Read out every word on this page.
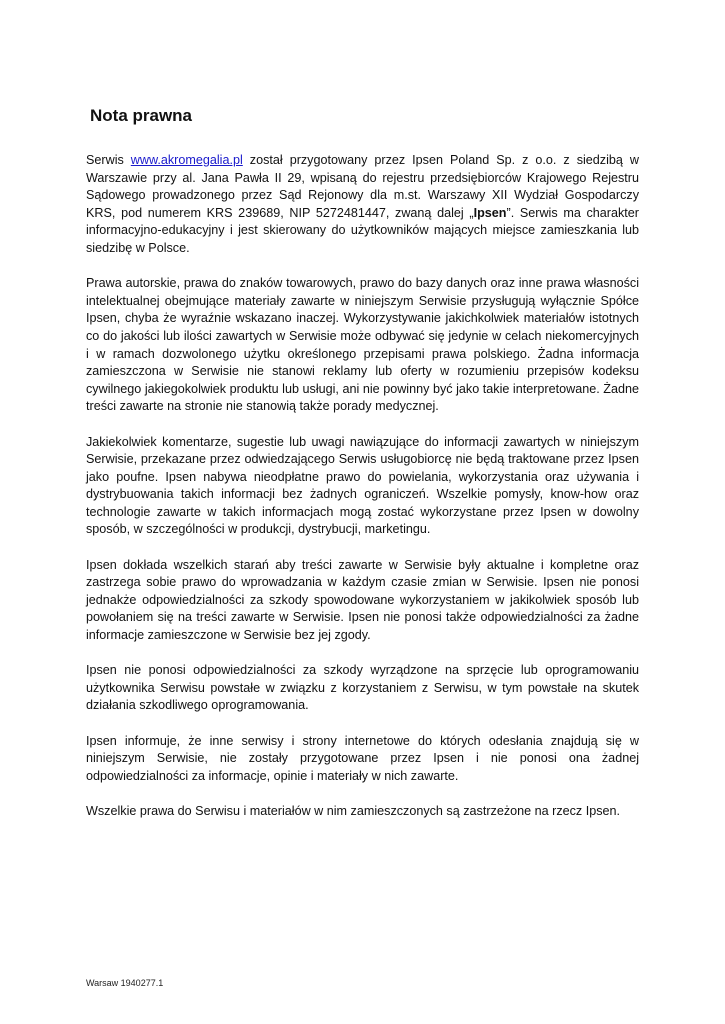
Nota prawna

Serwis www.akromegalia.pl został przygotowany przez Ipsen Poland Sp. z o.o. z siedzibą w Warszawie przy al. Jana Pawła II 29, wpisaną do rejestru przedsiębiorców Krajowego Rejestru Sądowego prowadzonego przez Sąd Rejonowy dla m.st. Warszawy XII Wydział Gospodarczy KRS, pod numerem KRS 239689, NIP 5272481447, zwaną dalej „Ipsen”. Serwis ma charakter informacyjno-edukacyjny i jest skierowany do użytkowników mających miejsce zamieszkania lub siedzibę w Polsce.

Prawa autorskie, prawa do znaków towarowych, prawo do bazy danych oraz inne prawa własności intelektualnej obejmujące materiały zawarte w niniejszym Serwisie przysługują wyłącznie Spółce Ipsen, chyba że wyraźnie wskazano inaczej. Wykorzystywanie jakichkolwiek materiałów istotnych co do jakości lub ilości zawartych w Serwisie może odbywać się jedynie w celach niekomercyjnych i w ramach dozwolonego użytku określonego przepisami prawa polskiego. Żadna informacja zamieszczona w Serwisie nie stanowi reklamy lub oferty w rozumieniu przepisów kodeksu cywilnego jakiegokolwiek produktu lub usługi, ani nie powinny być jako takie interpretowane. Żadne treści zawarte na stronie nie stanowią także porady medycznej.

Jakiekolwiek komentarze, sugestie lub uwagi nawiązujące do informacji zawartych w niniejszym Serwisie, przekazane przez odwiedzającego Serwis usługobiorcę nie będą traktowane przez Ipsen jako poufne. Ipsen nabywa nieodpłatne prawo do powielania, wykorzystania oraz używania i dystrybuowania takich informacji bez żadnych ograniczeń. Wszelkie pomysły, know-how oraz technologie zawarte w takich informacjach mogą zostać wykorzystane przez Ipsen w dowolny sposób, w szczególności w produkcji, dystrybucji, marketingu.

Ipsen dokłada wszelkich starań aby treści zawarte w Serwisie były aktualne i kompletne oraz zastrzega sobie prawo do wprowadzania w każdym czasie zmian w Serwisie. Ipsen nie ponosi jednakże odpowiedzialności za szkody spowodowane wykorzystaniem w jakikolwiek sposób lub powołaniem się na treści zawarte w Serwisie. Ipsen nie ponosi także odpowiedzialności za żadne informacje zamieszczone w Serwisie bez jej zgody.

Ipsen nie ponosi odpowiedzialności za szkody wyrządzone na sprzęcie lub oprogramowaniu użytkownika Serwisu powstałe w związku z korzystaniem z Serwisu, w tym powstałe na skutek działania szkodliwego oprogramowania.

Ipsen informuje, że inne serwisy i strony internetowe do których odesłania znajdują się w niniejszym Serwisie, nie zostały przygotowane przez Ipsen i nie ponosi ona żadnej odpowiedzialności za informacje, opinie i materiały w nich zawarte.

Wszelkie prawa do Serwisu i materiałów w nim zamieszczonych są zastrzeżone na rzecz Ipsen.

Warsaw 1940277.1
